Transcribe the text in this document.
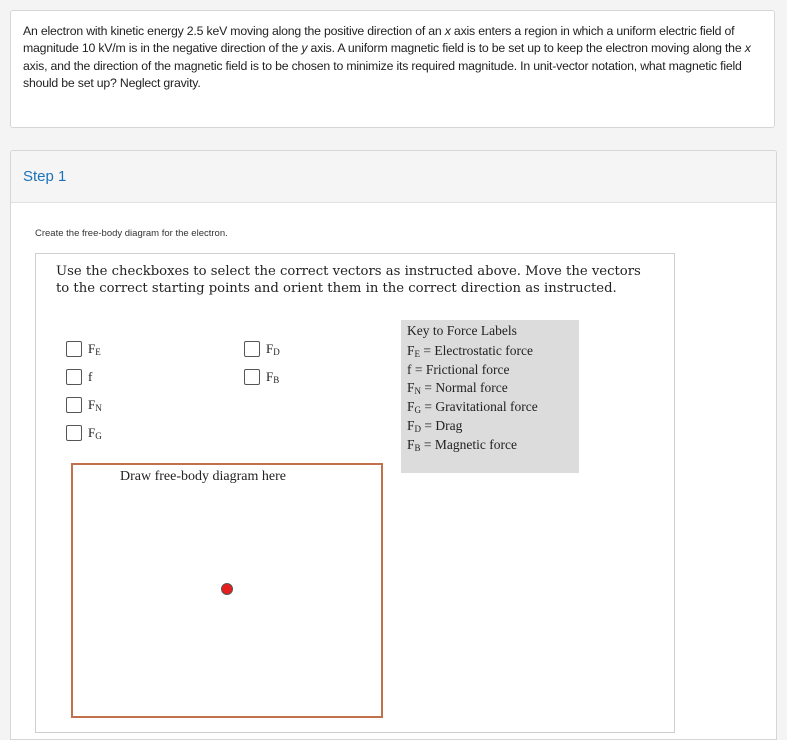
An electron with kinetic energy 2.5 keV moving along the positive direction of an x axis enters a region in which a uniform electric field of magnitude 10 kV/m is in the negative direction of the y axis. A uniform magnetic field is to be set up to keep the electron moving along the x axis, and the direction of the magnetic field is to be chosen to minimize its required magnitude. In unit-vector notation, what magnetic field should be set up? Neglect gravity.
Step 1
Create the free-body diagram for the electron.
Use the checkboxes to select the correct vectors as instructed above. Move the vectors to the correct starting points and orient them in the correct direction as instructed.
$F_E$
f
$F_N$
$F_G$
$F_D$
$F_B$
Key to Force Labels
$F_E$ = Electrostatic force
f = Frictional force
$F_N$ = Normal force
$F_G$ = Gravitational force
$F_D$ = Drag
$F_B$ = Magnetic force
Draw free-body diagram here
